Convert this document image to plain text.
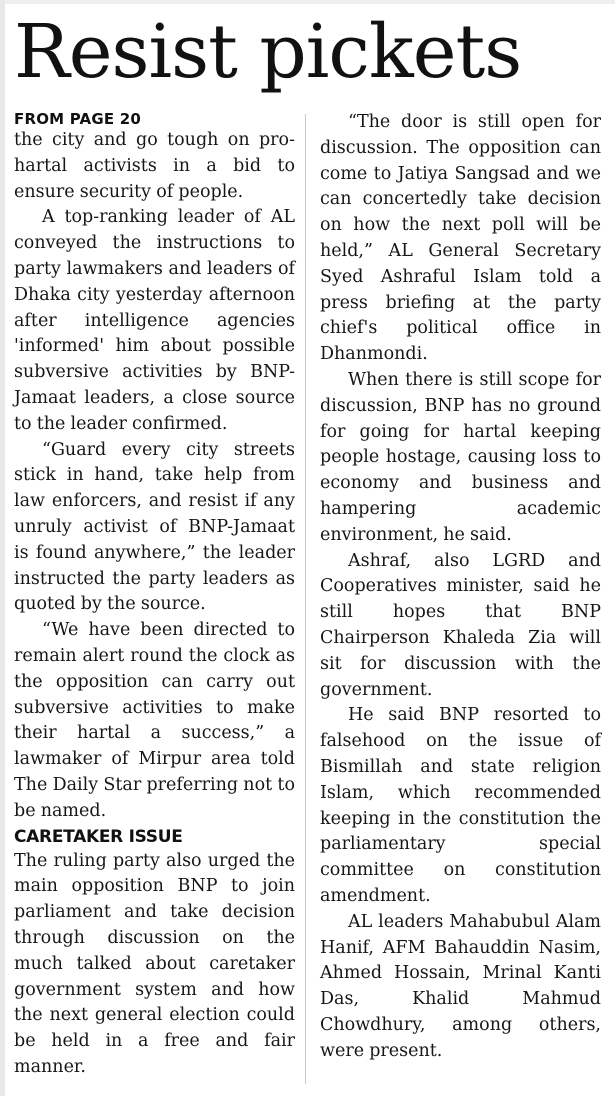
Resist pickets
FROM PAGE 20

the city and go tough on prohartal activists in a bid to ensure security of people.

A top-ranking leader of AL conveyed the instructions to party lawmakers and leaders of Dhaka city yesterday afternoon after intelligence agencies 'informed' him about possible subversive activities by BNP-Jamaat leaders, a close source to the leader confirmed.

“Guard every city streets stick in hand, take help from law enforcers, and resist if any unruly activist of BNP-Jamaat is found anywhere,” the leader instructed the party leaders as quoted by the source.

“We have been directed to remain alert round the clock as the opposition can carry out subversive activities to make their hartal a success,” a lawmaker of Mirpur area told The Daily Star preferring not to be named.

CARETAKER ISSUE

The ruling party also urged the main opposition BNP to join parliament and take decision through discussion on the much talked about caretaker government system and how the next general election could be held in a free and fair manner.

“The door is still open for discussion. The opposition can come to Jatiya Sangsad and we can concertedly take decision on how the next poll will be held,” AL General Secretary Syed Ashraful Islam told a press briefing at the party chief's political office in Dhanmondi.

When there is still scope for discussion, BNP has no ground for going for hartal keeping people hostage, causing loss to economy and business and hampering academic environment, he said.

Ashraf, also LGRD and Cooperatives minister, said he still hopes that BNP Chairperson Khaleda Zia will sit for discussion with the government.

He said BNP resorted to falsehood on the issue of Bismillah and state religion Islam, which recommended keeping in the constitution the parliamentary special committee on constitution amendment.

AL leaders Mahabubul Alam Hanif, AFM Bahauddin Nasim, Ahmed Hossain, Mrinal Kanti Das, Khalid Mahmud Chowdhury, among others, were present.
